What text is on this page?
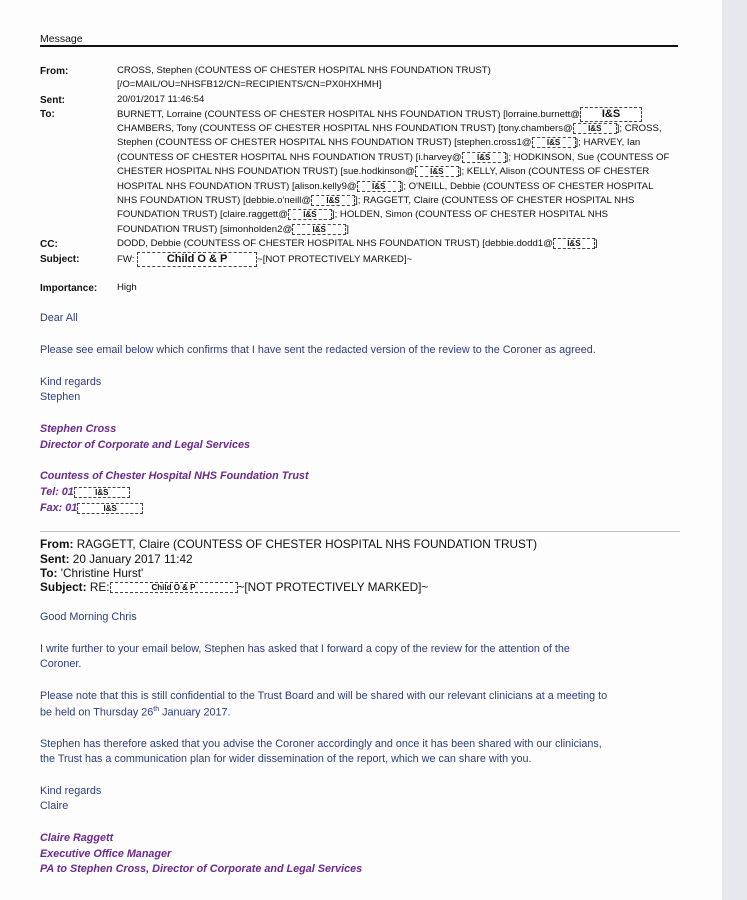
Message
From:	CROSS, Stephen (COUNTESS OF CHESTER HOSPITAL NHS FOUNDATION TRUST)
[/O=MAIL/OU=NHSFB12/CN=RECIPIENTS/CN=PX0HXHMH]
Sent:	20/01/2017 11:46:54
To:	BURNETT, Lorraine (COUNTESS OF CHESTER HOSPITAL NHS FOUNDATION TRUST) [lorraine.burnett@ I&S
CHAMBERS, Tony (COUNTESS OF CHESTER HOSPITAL NHS FOUNDATION TRUST) [tony.chambers@ I&S ]; CROSS,
Stephen (COUNTESS OF CHESTER HOSPITAL NHS FOUNDATION TRUST) [stephen.cross1@ I&S ]; HARVEY, Ian
(COUNTESS OF CHESTER HOSPITAL NHS FOUNDATION TRUST) [i.harvey@ I&S ]; HODKINSON, Sue (COUNTESS OF
CHESTER HOSPITAL NHS FOUNDATION TRUST) [sue.hodkinson@ I&S ]; KELLY, Alison (COUNTESS OF CHESTER
HOSPITAL NHS FOUNDATION TRUST) [alison.kelly9@ I&S ]; O'NEILL, Debbie (COUNTESS OF CHESTER HOSPITAL
NHS FOUNDATION TRUST) [debbie.o'neill@ I&S ]; RAGGETT, Claire (COUNTESS OF CHESTER HOSPITAL NHS
FOUNDATION TRUST) [claire.raggett@ I&S ]; HOLDEN, Simon (COUNTESS OF CHESTER HOSPITAL NHS
FOUNDATION TRUST) [simonholden2@	I&S ]
CC:	DODD, Debbie (COUNTESS OF CHESTER HOSPITAL NHS FOUNDATION TRUST) [debbie.dodd1@ I&S ]
Subject:	FW:	Child O & P	~[NOT PROTECTIVELY MARKED]~
Importance: High
Dear All
Please see email below which confirms that I have sent the redacted version of the review to the Coroner as agreed.
Kind regards
Stephen
Stephen Cross
Director of Corporate and Legal Services
Countess of Chester Hospital NHS Foundation Trust
Tel: 01	I&S
Fax: 01	I&S
From: RAGGETT, Claire (COUNTESS OF CHESTER HOSPITAL NHS FOUNDATION TRUST)
Sent: 20 January 2017 11:42
To: 'Christine Hurst'
Subject: RE:	Child O & P	~[NOT PROTECTIVELY MARKED]~
Good Morning Chris
I write further to your email below, Stephen has asked that I forward a copy of the review for the attention of the
Coroner.
Please note that this is still confidential to the Trust Board and will be shared with our relevant clinicians at a meeting to
be held on Thursday 26th January 2017.
Stephen has therefore asked that you advise the Coroner accordingly and once it has been shared with our clinicians,
the Trust has a communication plan for wider dissemination of the report, which we can share with you.
Kind regards
Claire
Claire Raggett
Executive Office Manager
PA to Stephen Cross, Director of Corporate and Legal Services
